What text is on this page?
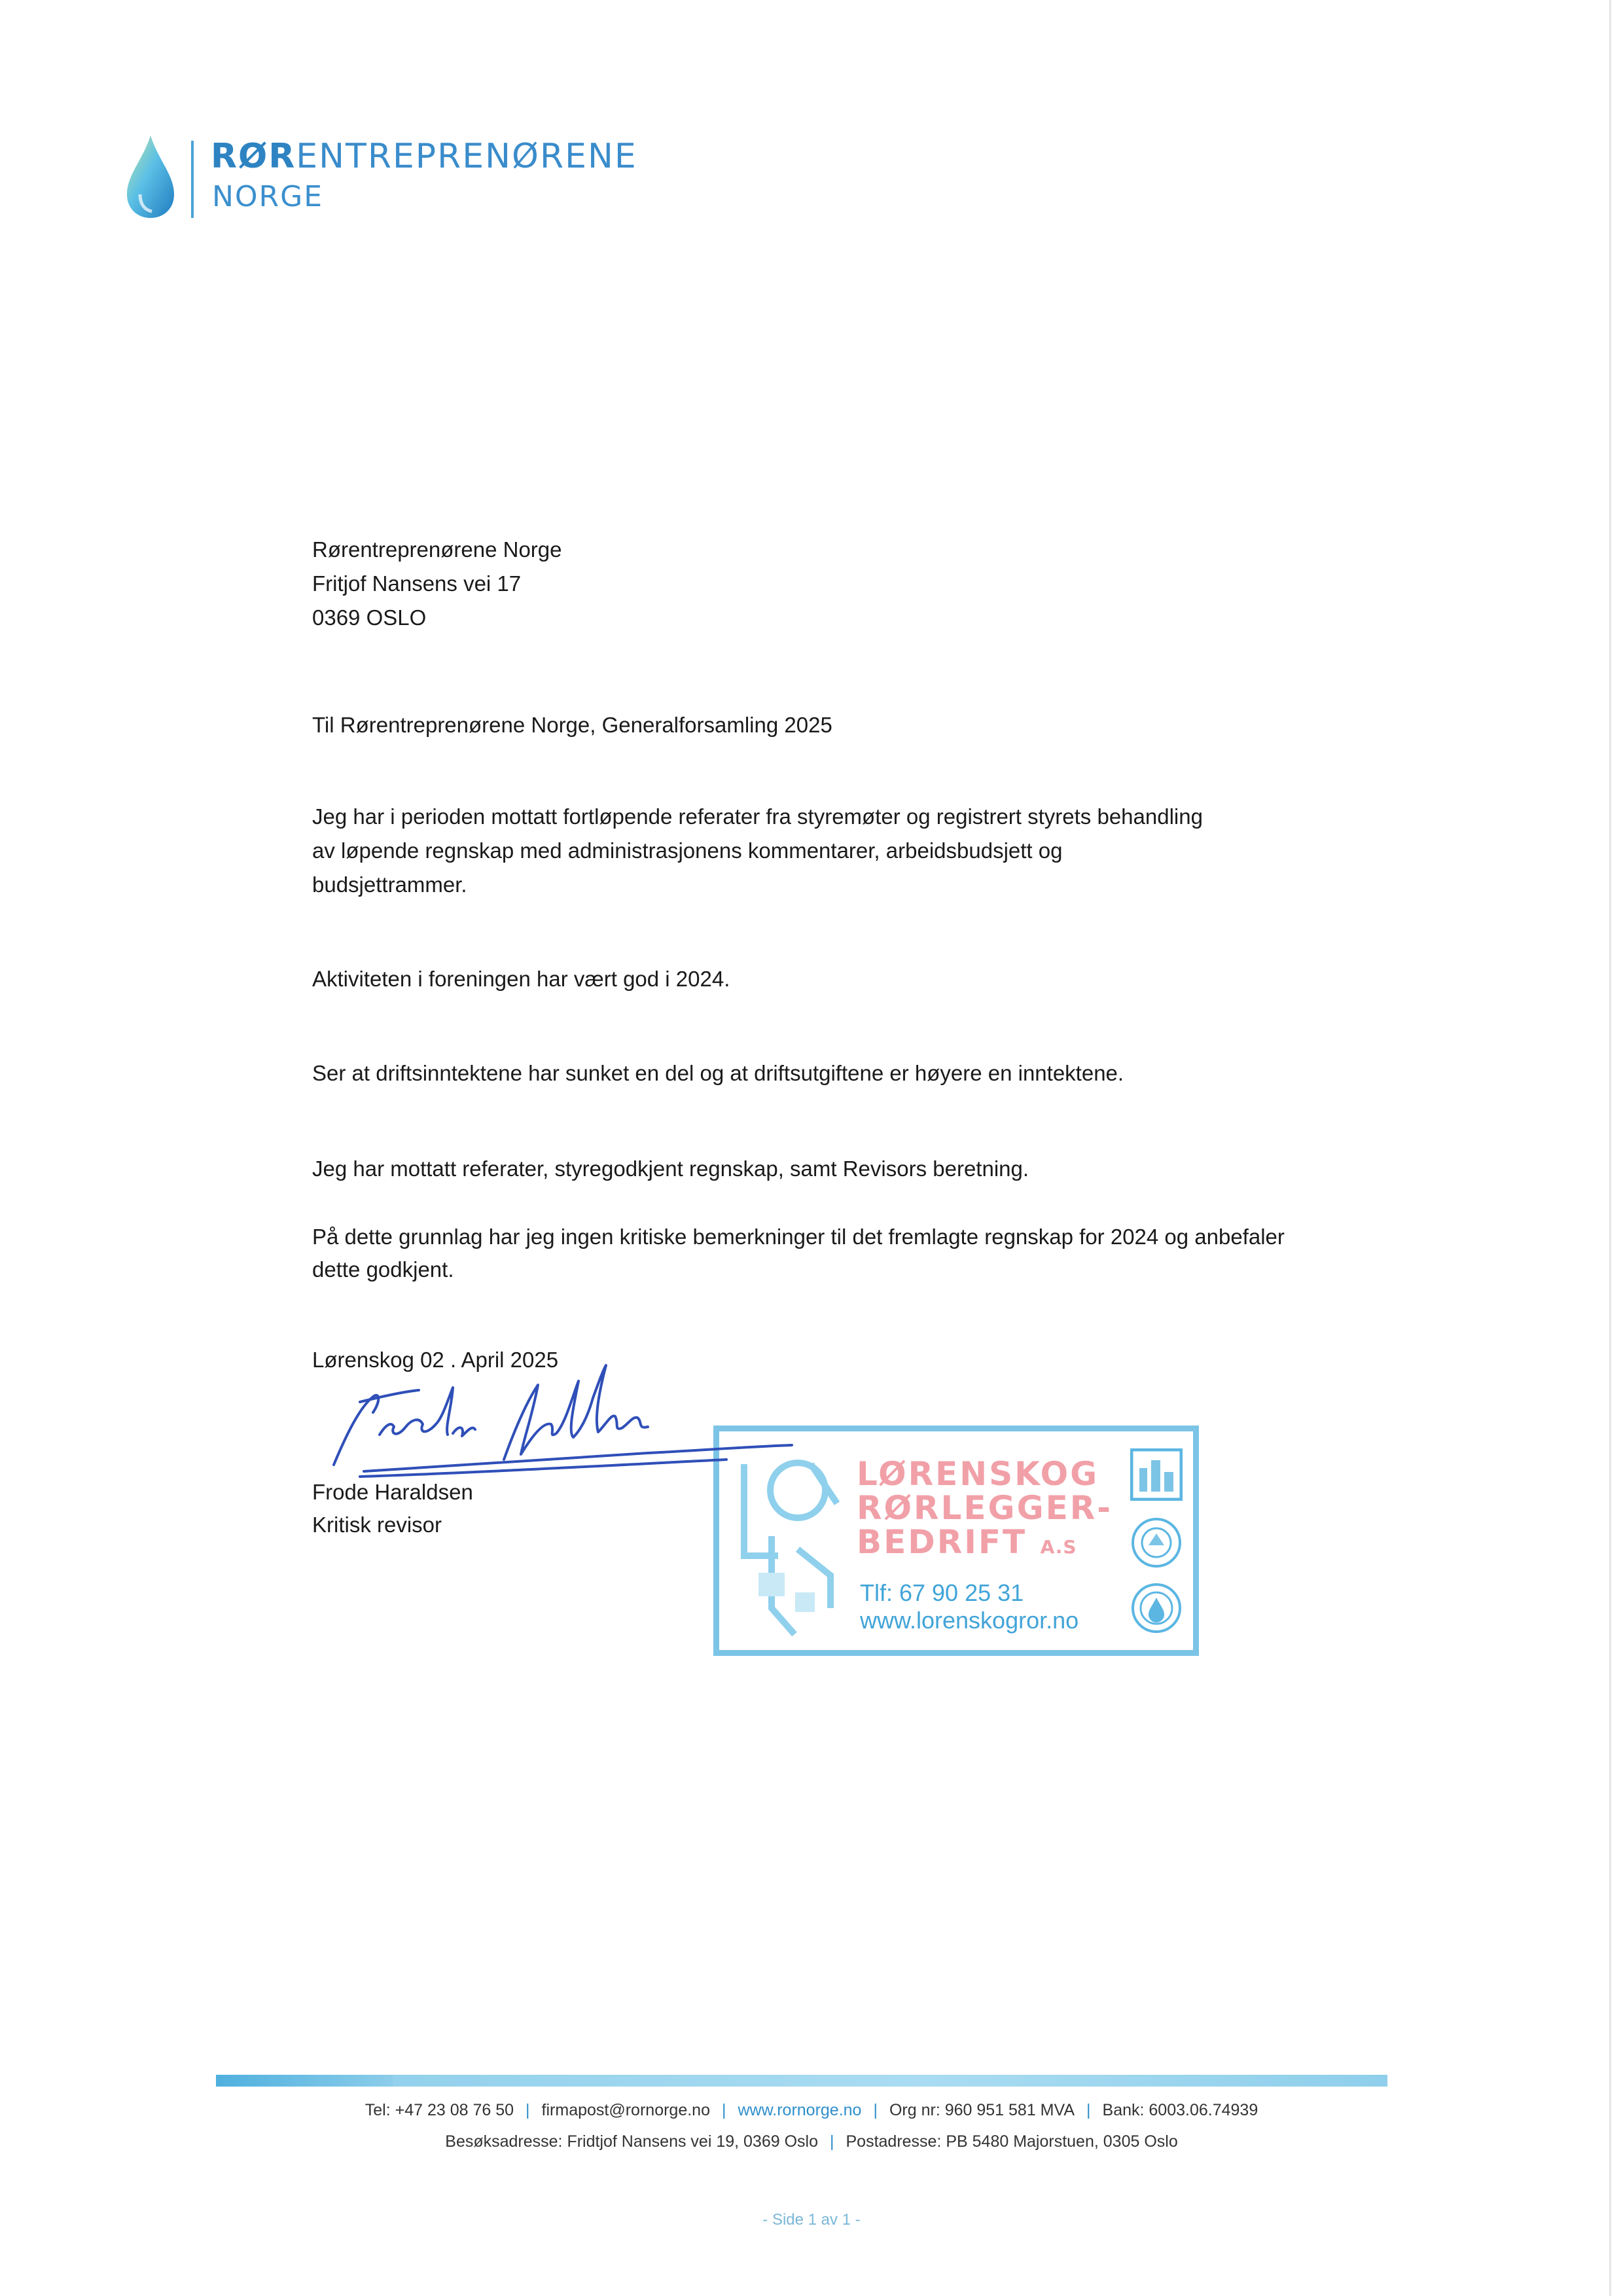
RØRENTREPRENØRENE
NORGE
Rørentreprenørene Norge
Fritjof Nansens vei 17
0369 OSLO
Til Rørentreprenørene Norge, Generalforsamling 2025
Jeg har i perioden mottatt fortløpende referater fra styremøter og registrert styrets behandling
av løpende regnskap med administrasjonens kommentarer, arbeidsbudsjett og
budsjettrammer.
Aktiviteten i foreningen har vært god i 2024.
Ser at driftsinntektene har sunket en del og at driftsutgiftene er høyere en inntektene.
Jeg har mottatt referater, styregodkjent regnskap, samt Revisors beretning.
På dette grunnlag har jeg ingen kritiske bemerkninger til det fremlagte regnskap for 2024 og anbefaler
dette godkjent.
Lørenskog 02 . April 2025
LØRENSKOG
RØRLEGGER-
BEDRIFT A.S
Tlf: 67 90 25 31
www.lorenskogror.no
Frode Haraldsen
Kritisk revisor
Tel: +47 23 08 76 50 | firmapost@rornorge.no | www.rornorge.no | Org nr: 960 951 581 MVA | Bank: 6003.06.74939
Besøksadresse: Fridtjof Nansens vei 19, 0369 Oslo | Postadresse: PB 5480 Majorstuen, 0305 Oslo
- Side 1 av 1 -
